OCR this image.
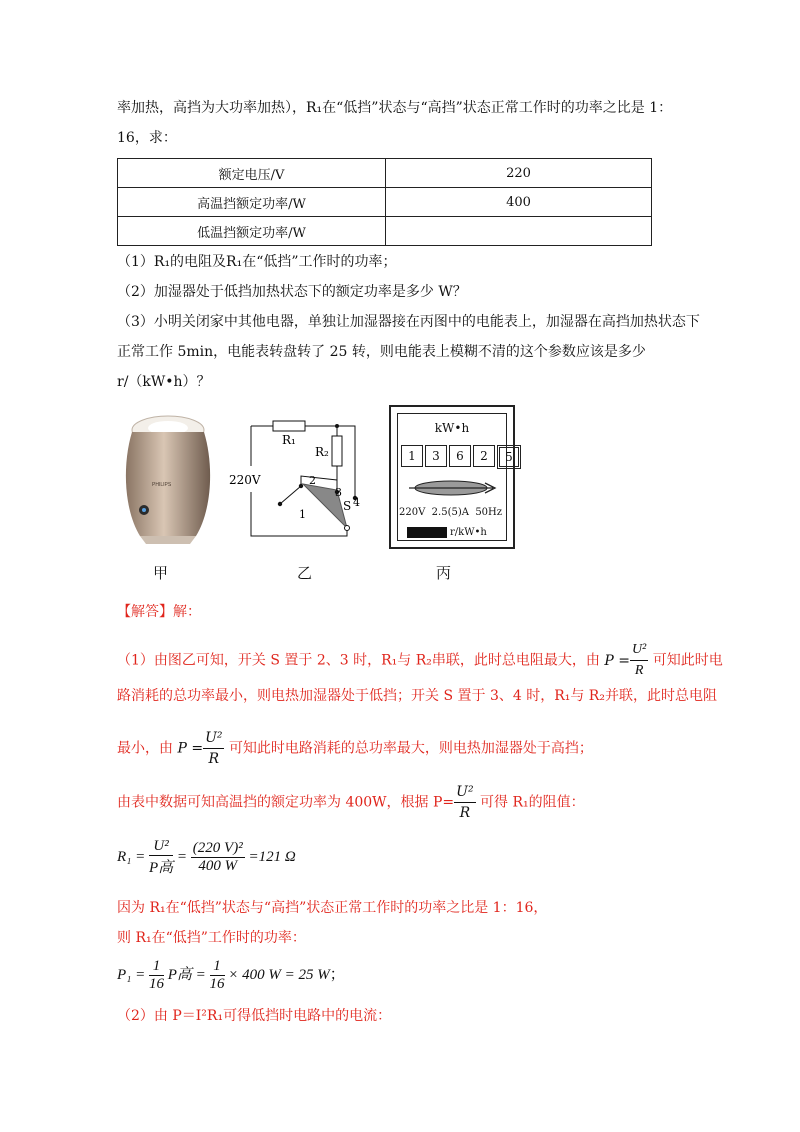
率加热，高挡为大功率加热），R₁在“低挡”状态与“高挡”状态正常工作时的功率之比是 1：
16，求：
额定电压/V	220
高温挡额定功率/W	400
低温挡额定功率/W	
（1）R₁的电阻及R₁在“低挡”工作时的功率；
（2）加湿器处于低挡加热状态下的额定功率是多少 W？
（3）小明关闭家中其他电器，单独让加湿器接在丙图中的电能表上，加湿器在高挡加热状态下
正常工作 5min，电能表转盘转了 25 转，则电能表上模糊不清的这个参数应该是多少
r/（kW•h）？
PHILIPS
甲
R₁
R₂
220V	2
3
4
S
1
乙
kW•h
1	3	6	2	5
220V  2.5(5)A  50Hz
r/kW•h
丙
【解答】解：
（1）由图乙可知，开关 S 置于 2、3 时，R₁与 R₂串联，此时总电阻最大，由 $P = \frac{\text{U²}}{R}$ 可知此时电
路消耗的总功率最小，则电热加湿器处于低挡；开关 S 置于 3、4 时，R₁与 R₂并联，此时总电阻
最小，由 $P = \frac{\text{U²}}{R}$ 可知此时电路消耗的总功率最大，则电热加湿器处于高挡；
由表中数据可知高温挡的额定功率为 400W，根据 $P= \frac{\text{U²}}{R}$ 可得 R₁的阻值：
$R_1 = \frac{\text{U²}}{\text{P高}} = \frac{\text{(220 V)²}}{400 W} =121$ Ω
因为 R₁在“低挡”状态与“高挡”状态正常工作时的功率之比是 1：16，
则 R₁在“低挡”工作时的功率：
$P_1 = \frac{1}{16}$ P高 = $\frac{1}{16} \times 400$ W = 25 W；
（2）由 P＝I²R₁可得低挡时电路中的电流：
